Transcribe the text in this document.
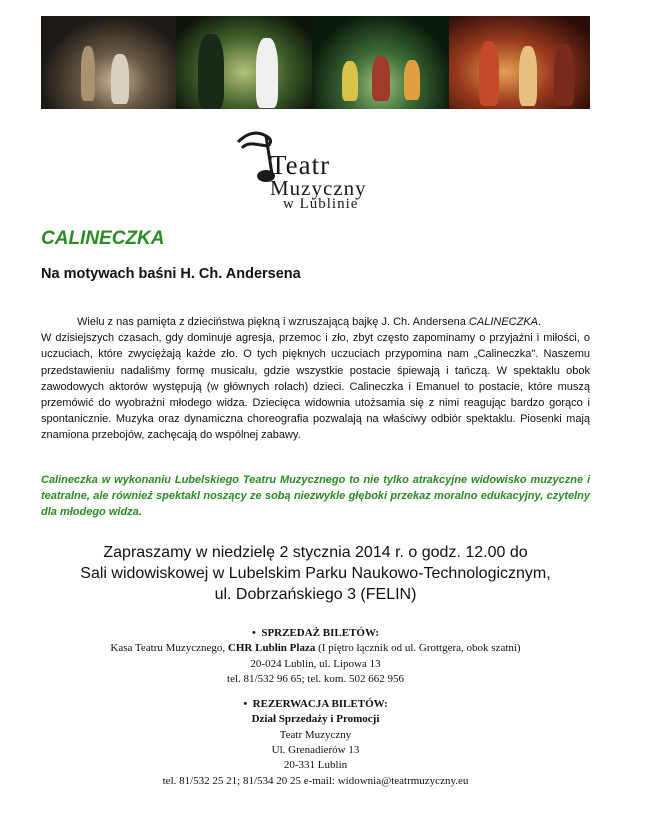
Teatr
Muzyczny
w Lublinie
CALINECZKA
Na motywach baśni H. Ch. Andersena

Wielu z nas pamięta z dzieciństwa piękną i wzruszającą bajkę J. Ch. Andersena CALINECZKA.
W dzisiejszych czasach, gdy dominuje agresja, przemoc i zło, zbyt często zapominamy o przyjaźni i miłości, o uczuciach, które zwyciężają każde zło. O tych pięknych uczuciach przypomina nam „Calineczka". Naszemu przedstawieniu nadaliśmy formę musicalu, gdzie wszystkie postacie śpiewają i tańczą. W spektaklu obok zawodowych aktorów występują (w głównych rolach) dzieci. Calineczka i Emanuel to postacie, które muszą przemówić do wyobraźni młodego widza. Dziecięca widownia utożsamia się z nimi reagując bardzo gorąco i spontanicznie. Muzyka oraz dynamiczna choreografia pozwalają na właściwy odbiór spektaklu. Piosenki mają znamiona przebojów, zachęcają do wspólnej zabawy.

Calineczka w wykonaniu Lubelskiego Teatru Muzycznego to nie tylko atrakcyjne widowisko muzyczne i teatralne, ale również spektakl noszący ze sobą niezwykle głęboki przekaz moralno edukacyjny, czytelny dla młodego widza.

Zapraszamy w niedzielę 2 stycznia 2014 r. o godz. 12.00 do
Sali widowiskowej w Lubelskim Parku Naukowo-Technologicznym,
ul. Dobrzańskiego 3 (FELIN)

• SPRZEDAŻ BILETÓW:
Kasa Teatru Muzycznego, CHR Lublin Plaza (I piętro łącznik od ul. Grottgera, obok szatni)
20-024 Lublin, ul. Lipowa 13
tel. 81/532 96 65; tel. kom. 502 662 956
• REZERWACJA BILETÓW:
Dział Sprzedaży i Promocji
Teatr Muzyczny
Ul. Grenadierów 13
20-331 Lublin
tel. 81/532 25 21; 81/534 20 25 e-mail: widownia@teatrmuzyczny.eu
